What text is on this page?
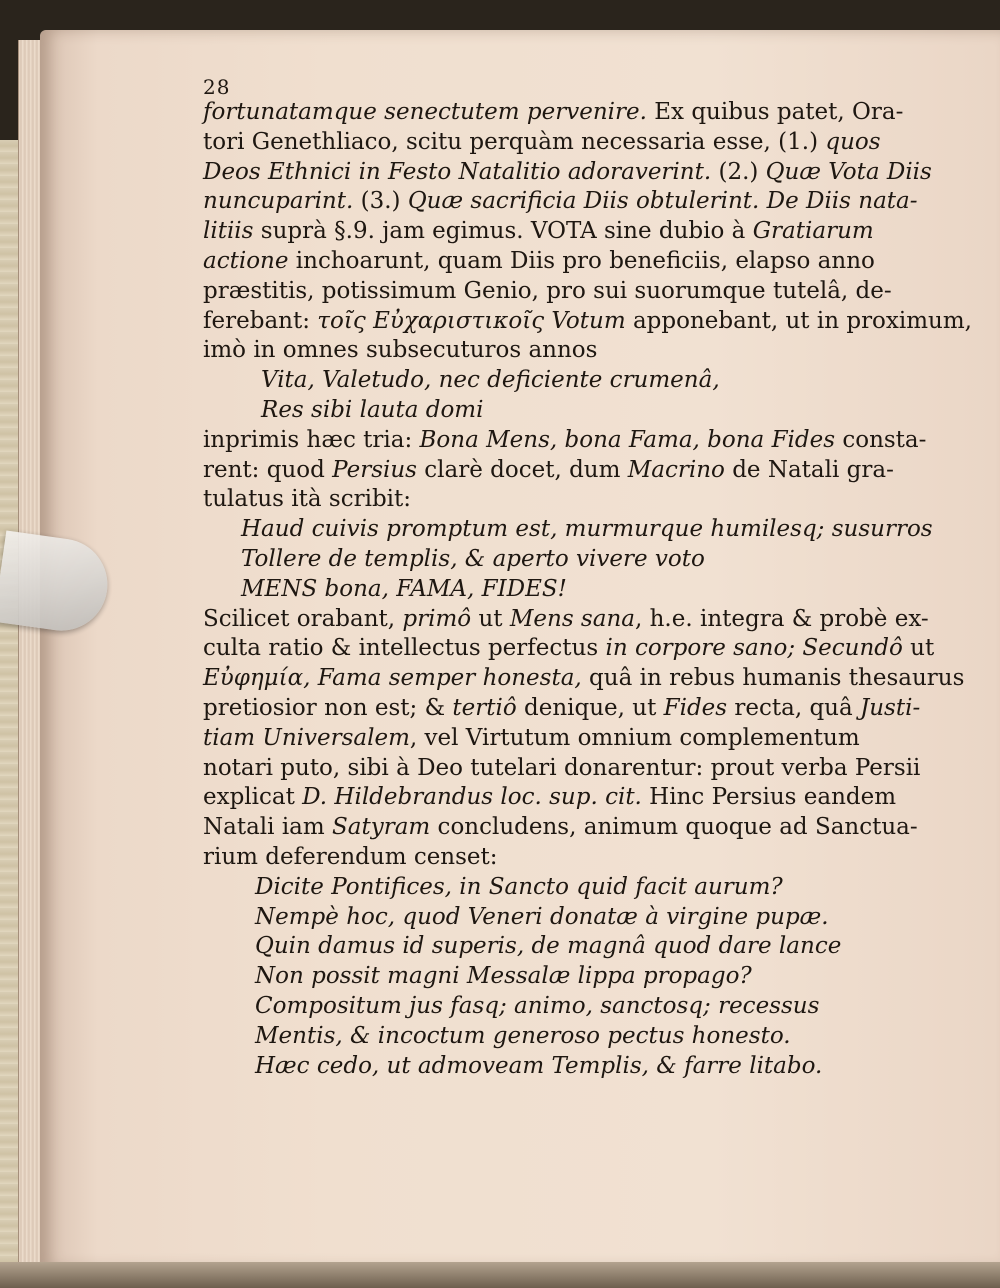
28
fortunatamque senectutem pervenire. Ex quibus patet, Ora-
tori Genethliaco, scitu perquàm necessaria esse, (1.) quos
Deos Ethnici in Festo Natalitio adoraverint. (2.) Quæ Vota Diis
nuncuparint. (3.) Quæ sacrificia Diis obtulerint. De Diis nata-
litiis suprà §.9. jam egimus. VOTA sine dubio à Gratiarum
actione inchoarunt, quam Diis pro beneficiis, elapso anno
præstitis, potissimum Genio, pro sui suorumque tutelâ, de-
ferebant: τοῖς Εὐχαριστικοῖς Votum apponebant, ut in proximum,
imò in omnes subsecuturos annos
Vita, Valetudo, nec deficiente crumenâ,
Res sibi lauta domi
inprimis hæc tria: Bona Mens, bona Fama, bona Fides consta-
rent: quod Persius clarè docet, dum Macrino de Natali gra-
tulatus ità scribit:
Haud cuivis promptum est, murmurque humilesq; susurros
Tollere de templis, & aperto vivere voto
MENS bona, FAMA, FIDES!
Scilicet orabant, primô ut Mens sana, h.e. integra & probè ex-
culta ratio & intellectus perfectus in corpore sano; Secundô ut
Εὐφημία, Fama semper honesta, quâ in rebus humanis thesaurus
pretiosior non est; & tertiô denique, ut Fides recta, quâ Justi-
tiam Universalem, vel Virtutum omnium complementum
notari puto, sibi à Deo tutelari donarentur: prout verba Persii
explicat D. Hildebrandus loc. sup. cit. Hinc Persius eandem
Natali iam Satyram concludens, animum quoque ad Sanctua-
rium deferendum censet:
Dicite Pontifices, in Sancto quid facit aurum?
Nempè hoc, quod Veneri donatæ à virgine pupæ.
Quin damus id superis, de magnâ quod dare lance
Non possit magni Messalæ lippa propago?
Compositum jus fasq; animo, sanctosq; recessus
Mentis, & incoctum generoso pectus honesto.
Hæc cedo, ut admoveam Templis, & farre litabo.
